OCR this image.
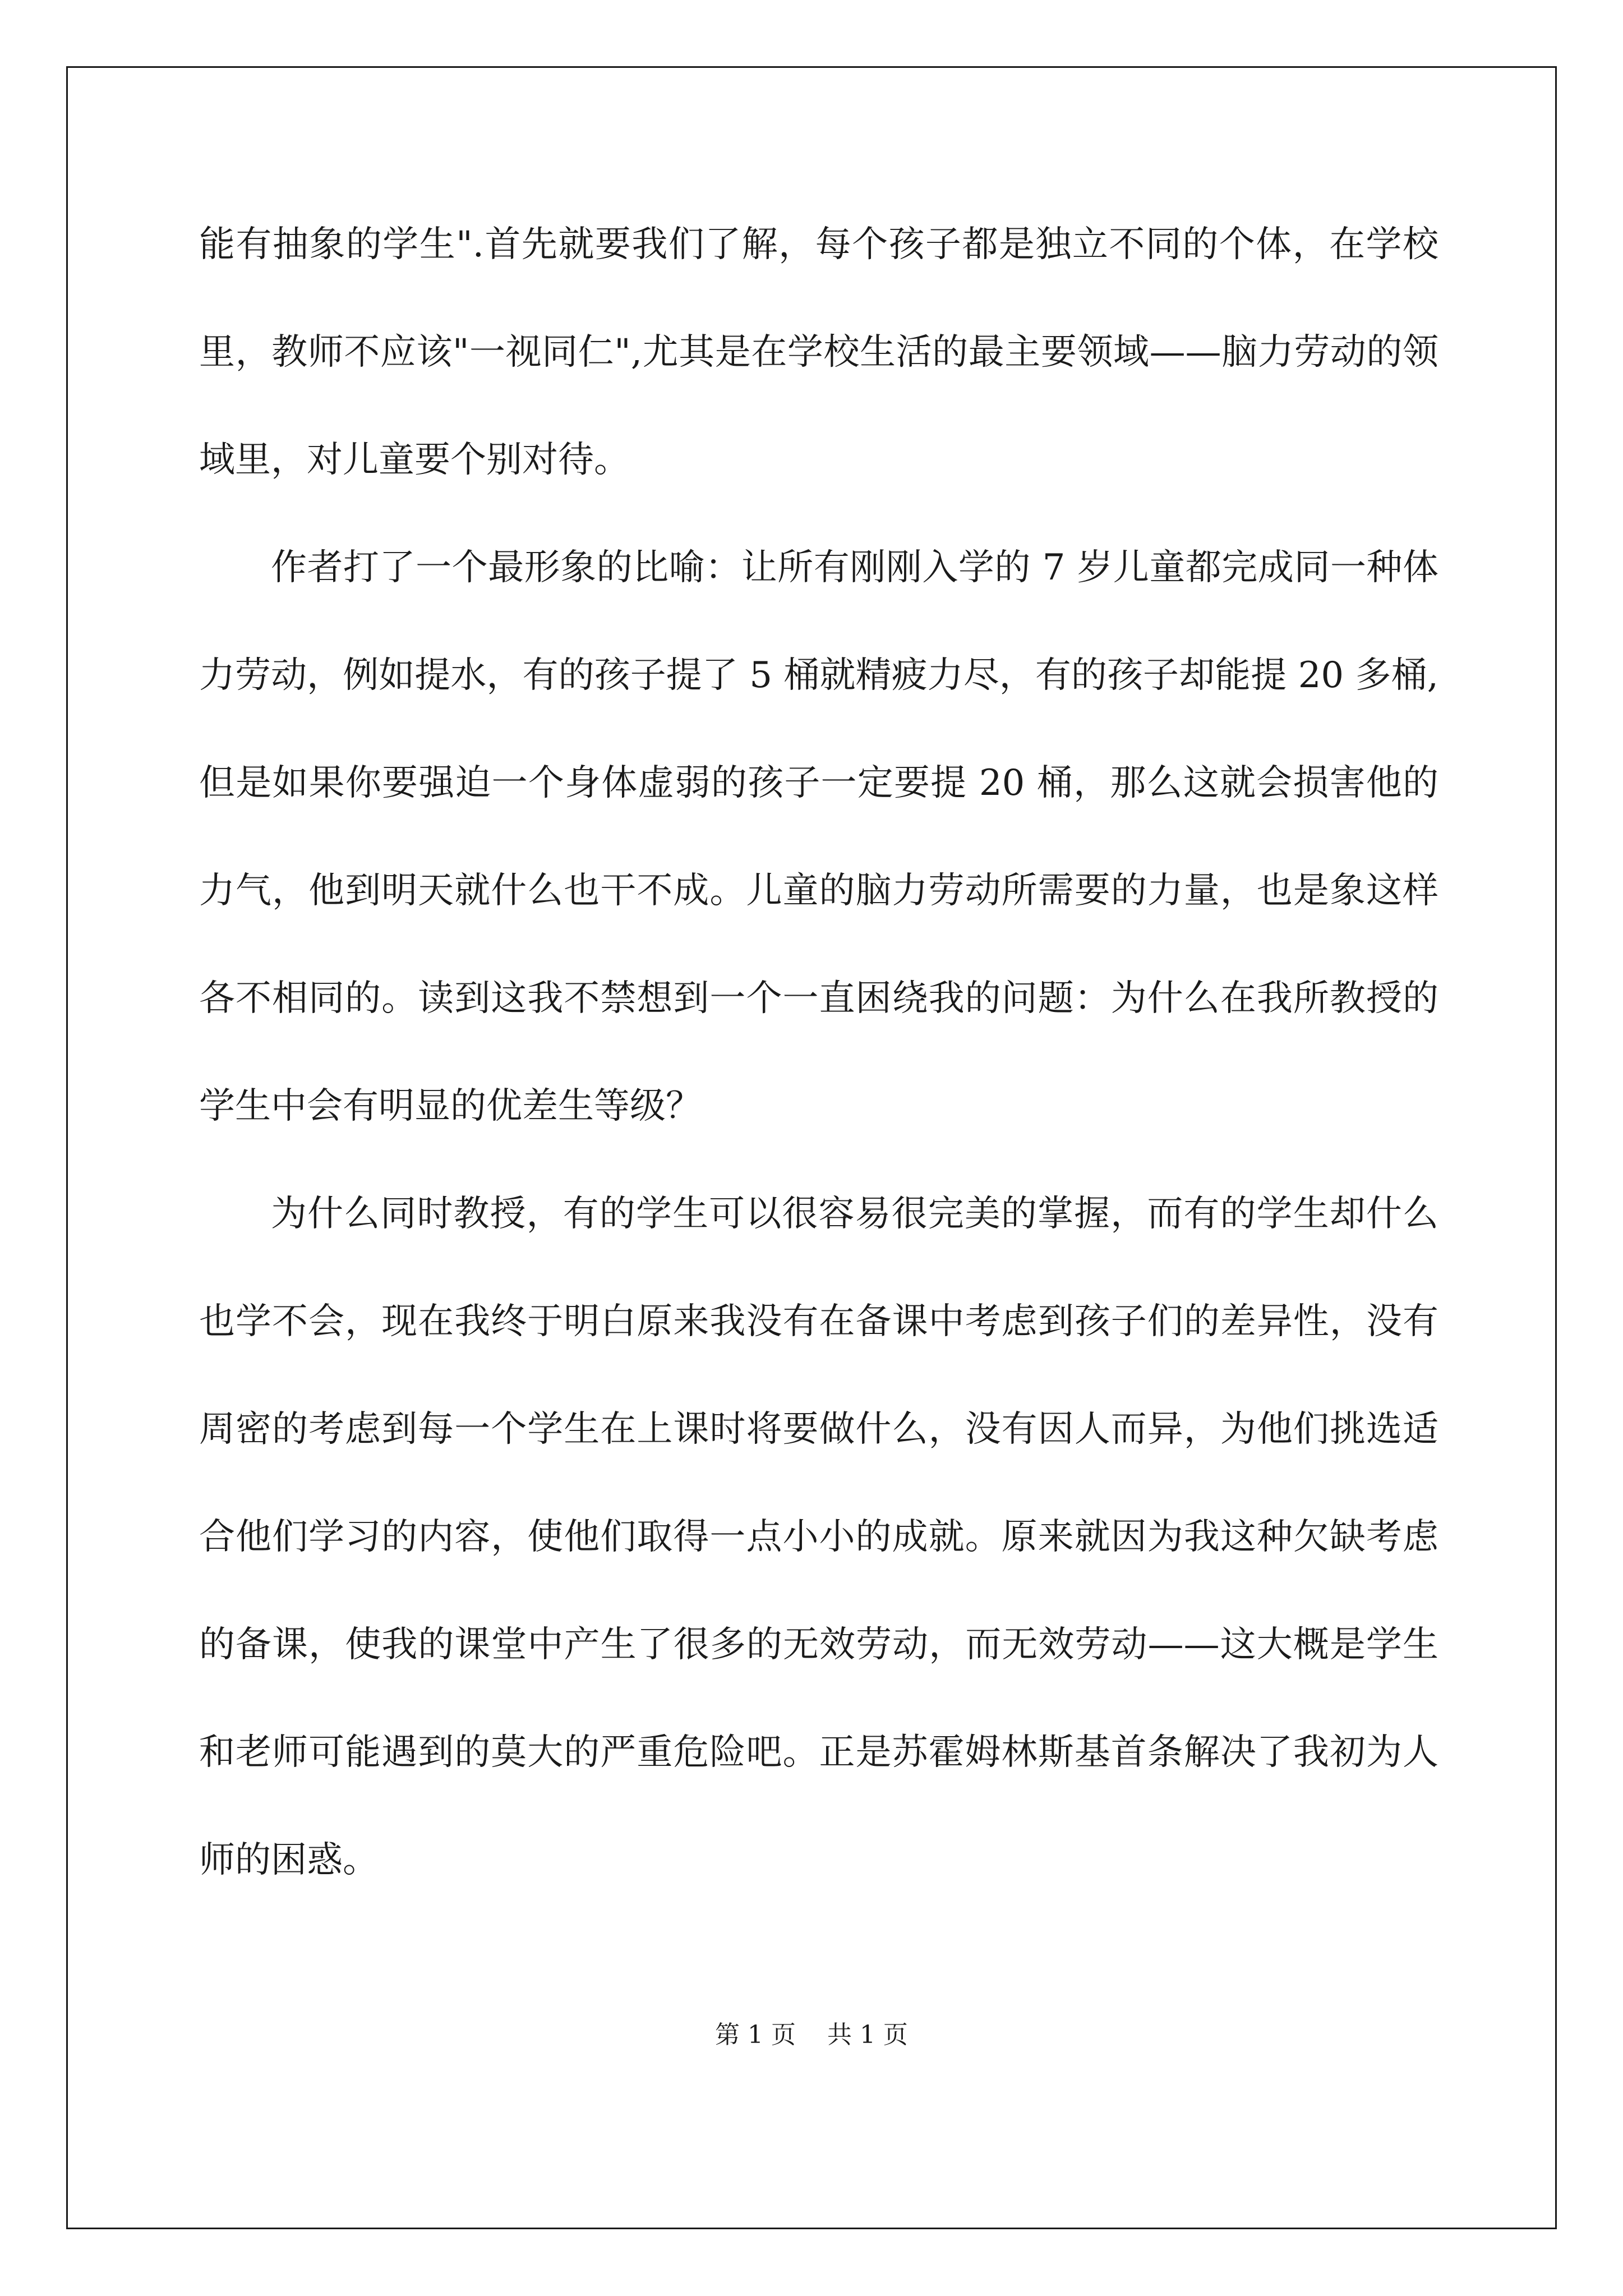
能有抽象的学生".首先就要我们了解，每个孩子都是独立不同的个体，在学校里，教师不应该"一视同仁",尤其是在学校生活的最主要领域——脑力劳动的领域里，对儿童要个别对待。

作者打了一个最形象的比喻：让所有刚刚入学的 7 岁儿童都完成同一种体力劳动，例如提水，有的孩子提了 5 桶就精疲力尽，有的孩子却能提 20 多桶,但是如果你要强迫一个身体虚弱的孩子一定要提 20 桶，那么这就会损害他的力气，他到明天就什么也干不成。儿童的脑力劳动所需要的力量，也是象这样各不相同的。读到这我不禁想到一个一直困绕我的问题：为什么在我所教授的学生中会有明显的优差生等级？

为什么同时教授，有的学生可以很容易很完美的掌握，而有的学生却什么也学不会，现在我终于明白原来我没有在备课中考虑到孩子们的差异性，没有周密的考虑到每一个学生在上课时将要做什么，没有因人而异，为他们挑选适合他们学习的内容，使他们取得一点小小的成就。原来就因为我这种欠缺考虑的备课，使我的课堂中产生了很多的无效劳动，而无效劳动——这大概是学生和老师可能遇到的莫大的严重危险吧。正是苏霍姆林斯基首条解决了我初为人师的困惑。

第 1 页    共 1 页
